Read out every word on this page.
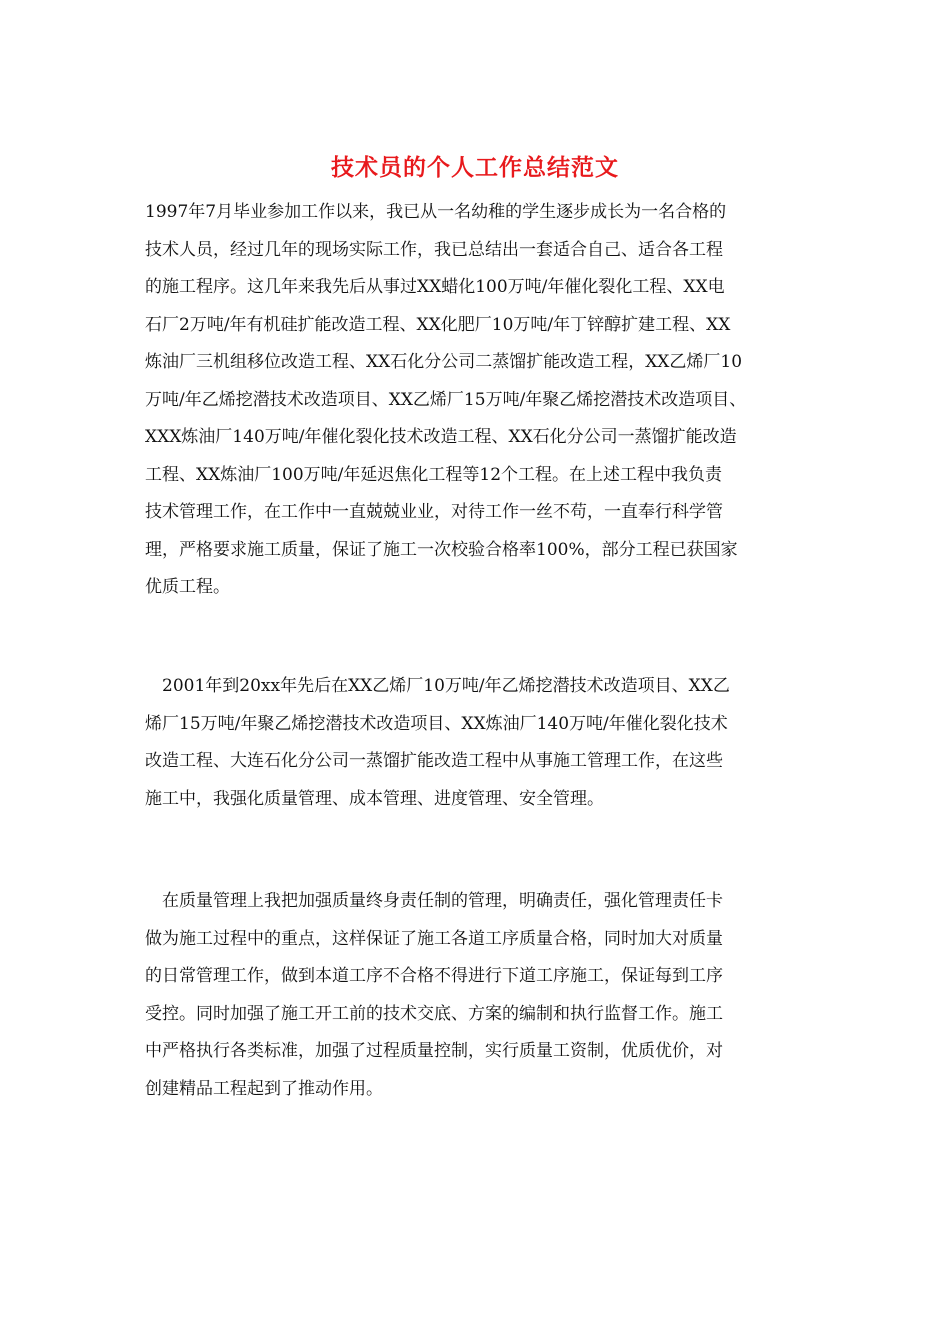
技术员的个人工作总结范文
1997年7月毕业参加工作以来，我已从一名幼稚的学生逐步成长为一名合格的
技术人员，经过几年的现场实际工作，我已总结出一套适合自己、适合各工程
的施工程序。这几年来我先后从事过XX蜡化100万吨/年催化裂化工程、XX电
石厂2万吨/年有机硅扩能改造工程、XX化肥厂10万吨/年丁锌醇扩建工程、XX
炼油厂三机组移位改造工程、XX石化分公司二蒸馏扩能改造工程，XX乙烯厂10
万吨/年乙烯挖潜技术改造项目、XX乙烯厂15万吨/年聚乙烯挖潜技术改造项目、
XXX炼油厂140万吨/年催化裂化技术改造工程、XX石化分公司一蒸馏扩能改造
工程、XX炼油厂100万吨/年延迟焦化工程等12个工程。在上述工程中我负责
技术管理工作，在工作中一直兢兢业业，对待工作一丝不苟，一直奉行科学管
理，严格要求施工质量，保证了施工一次校验合格率100%，部分工程已获国家
优质工程。
　2001年到20xx年先后在XX乙烯厂10万吨/年乙烯挖潜技术改造项目、XX乙
烯厂15万吨/年聚乙烯挖潜技术改造项目、XX炼油厂140万吨/年催化裂化技术
改造工程、大连石化分公司一蒸馏扩能改造工程中从事施工管理工作，在这些
施工中，我强化质量管理、成本管理、进度管理、安全管理。
　在质量管理上我把加强质量终身责任制的管理，明确责任，强化管理责任卡
做为施工过程中的重点，这样保证了施工各道工序质量合格，同时加大对质量
的日常管理工作，做到本道工序不合格不得进行下道工序施工，保证每到工序
受控。同时加强了施工开工前的技术交底、方案的编制和执行监督工作。施工
中严格执行各类标准，加强了过程质量控制，实行质量工资制，优质优价，对
创建精品工程起到了推动作用。
